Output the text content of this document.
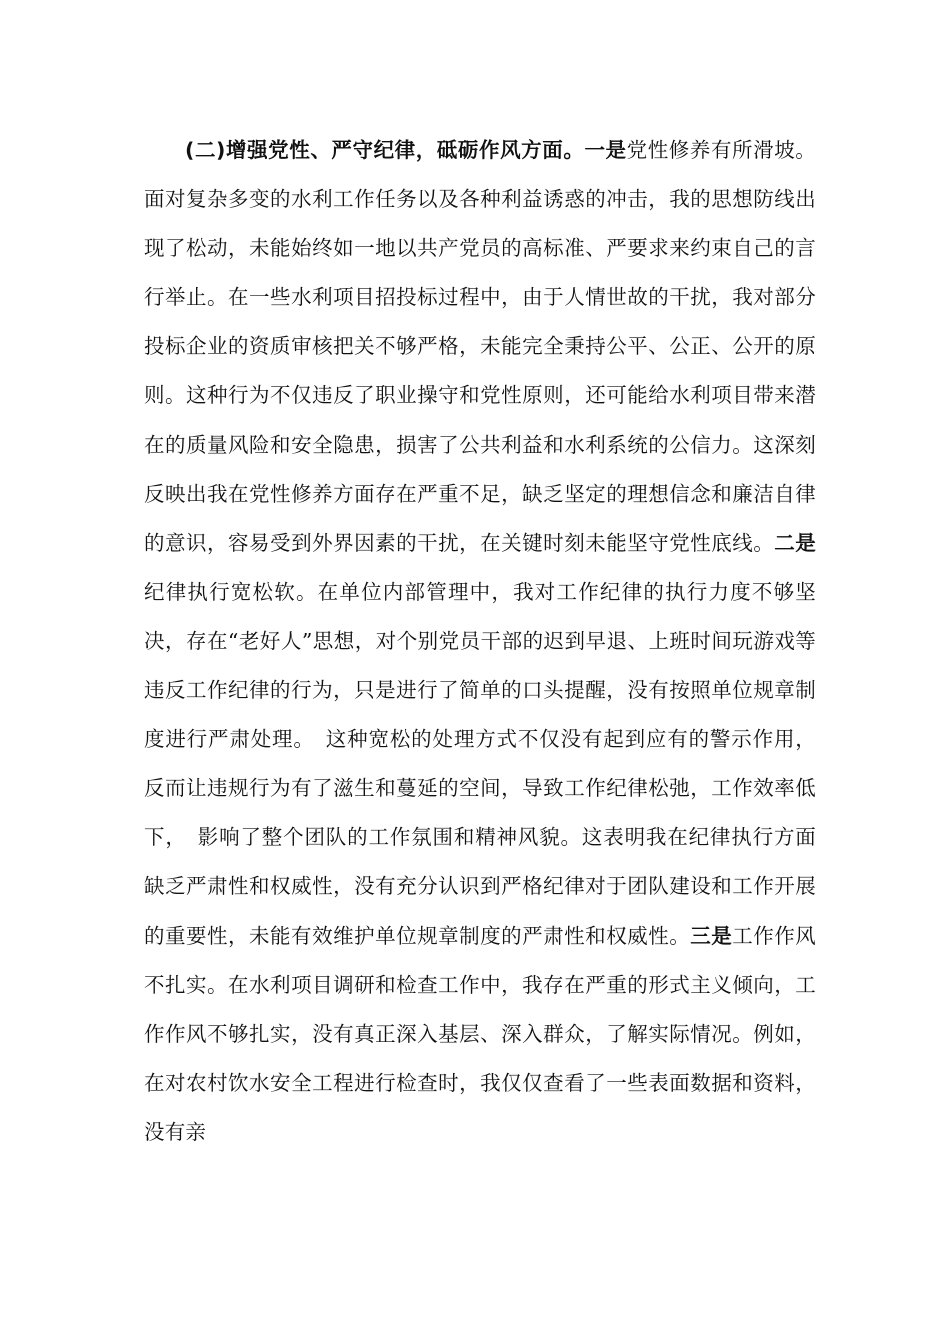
(二)增强党性、严守纪律，砥砺作风方面。一是党性修养有所滑坡。面对复杂多变的水利工作任务以及各种利益诱惑的冲击，我的思想防线出现了松动，未能始终如一地以共产党员的高标准、严要求来约束自己的言行举止。在一些水利项目招投标过程中，由于人情世故的干扰，我对部分投标企业的资质审核把关不够严格，未能完全秉持公平、公正、公开的原则。这种行为不仅违反了职业操守和党性原则，还可能给水利项目带来潜在的质量风险和安全隐患，损害了公共利益和水利系统的公信力。这深刻反映出我在党性修养方面存在严重不足，缺乏坚定的理想信念和廉洁自律的意识，容易受到外界因素的干扰，在关键时刻未能坚守党性底线。二是纪律执行宽松软。在单位内部管理中，我对工作纪律的执行力度不够坚决，存在“老好人”思想，对个别党员干部的迟到早退、上班时间玩游戏等违反工作纪律的行为，只是进行了简单的口头提醒，没有按照单位规章制度进行严肃处理。　这种宽松的处理方式不仅没有起到应有的警示作用，反而让违规行为有了滋生和蔓延的空间，导致工作纪律松弛，工作效率低下，　影响了整个团队的工作氛围和精神风貌。这表明我在纪律执行方面缺乏严肃性和权威性，没有充分认识到严格纪律对于团队建设和工作开展的重要性，未能有效维护单位规章制度的严肃性和权威性。三是工作作风不扎实。在水利项目调研和检查工作中，我存在严重的形式主义倾向，工作作风不够扎实，没有真正深入基层、深入群众，了解实际情况。例如，在对农村饮水安全工程进行检查时，我仅仅查看了一些表面数据和资料，没有亲
